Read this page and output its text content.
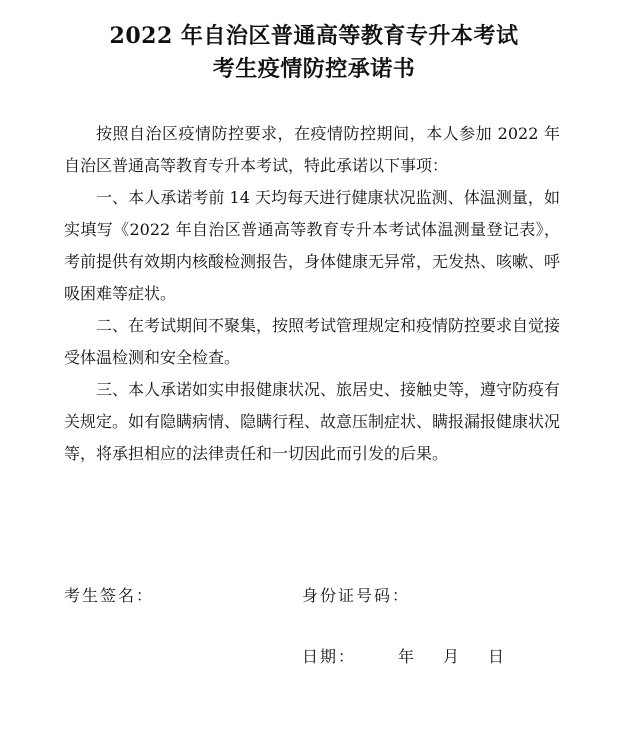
2022 年自治区普通高等教育专升本考试
考生疫情防控承诺书

按照自治区疫情防控要求，在疫情防控期间，本人参加 2022 年自治区普通高等教育专升本考试，特此承诺以下事项：

一、本人承诺考前 14 天均每天进行健康状况监测、体温测量，如实填写《2022 年自治区普通高等教育专升本考试体温测量登记表》，考前提供有效期内核酸检测报告，身体健康无异常，无发热、咳嗽、呼吸困难等症状。

二、在考试期间不聚集，按照考试管理规定和疫情防控要求自觉接受体温检测和安全检查。

三、本人承诺如实申报健康状况、旅居史、接触史等，遵守防疫有关规定。如有隐瞒病情、隐瞒行程、故意压制症状、瞒报漏报健康状况等，将承担相应的法律责任和一切因此而引发的后果。

考生签名：	身份证号码：
日期：	年 月 日
